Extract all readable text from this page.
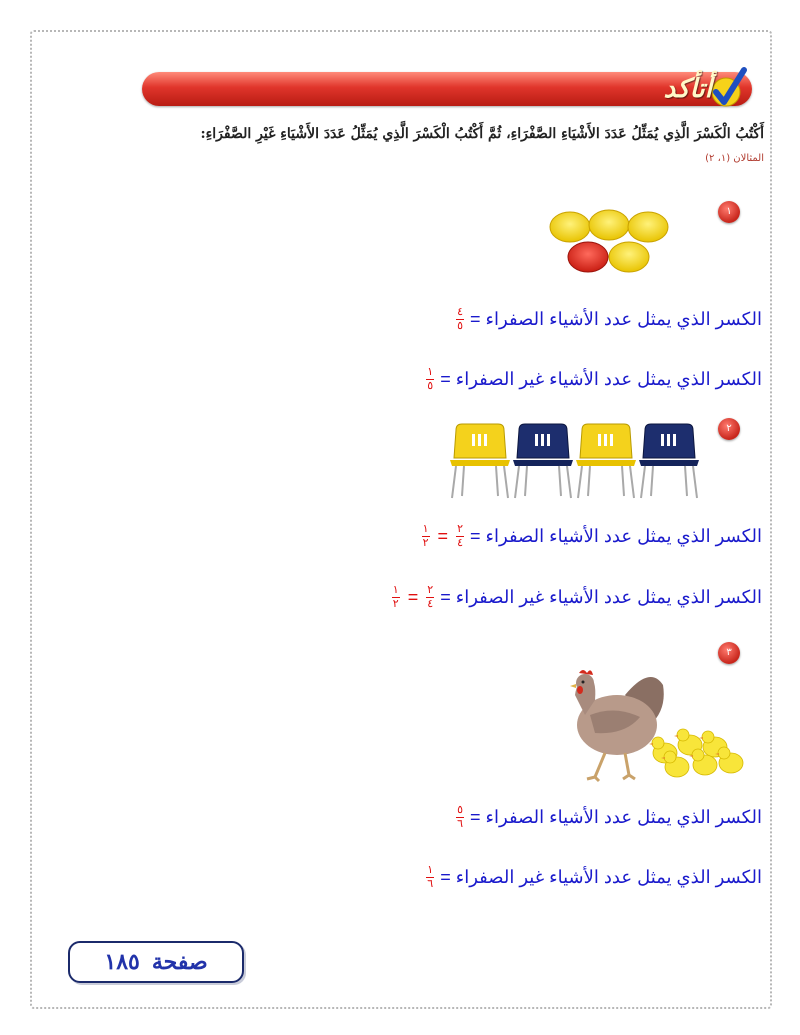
أتأكد
أَكْتُبُ الْكَسْرَ الَّذِي يُمَثِّلُ عَدَدَ الأَشْيَاءِ الصَّفْرَاءِ، ثُمَّ أَكْتُبُ الْكَسْرَ الَّذِي يُمَثِّلُ عَدَدَ الأَشْيَاءِ غَيْرِ الصَّفْرَاءِ:
المثالان (١، ٢)
١
الكسر الذي يمثل عدد الأشياء الصفراء =
$\frac{٤}{٥}$
الكسر الذي يمثل عدد الأشياء غير الصفراء =
$\frac{١}{٥}$
٢
الكسر الذي يمثل عدد الأشياء الصفراء =
$\frac{٢}{٤}$
=
$\frac{١}{٢}$
الكسر الذي يمثل عدد الأشياء غير الصفراء =
$\frac{٢}{٤}$
=
$\frac{١}{٢}$
٣
الكسر الذي يمثل عدد الأشياء الصفراء =
$\frac{٥}{٦}$
الكسر الذي يمثل عدد الأشياء غير الصفراء =
$\frac{١}{٦}$
صفحة
١٨٥
